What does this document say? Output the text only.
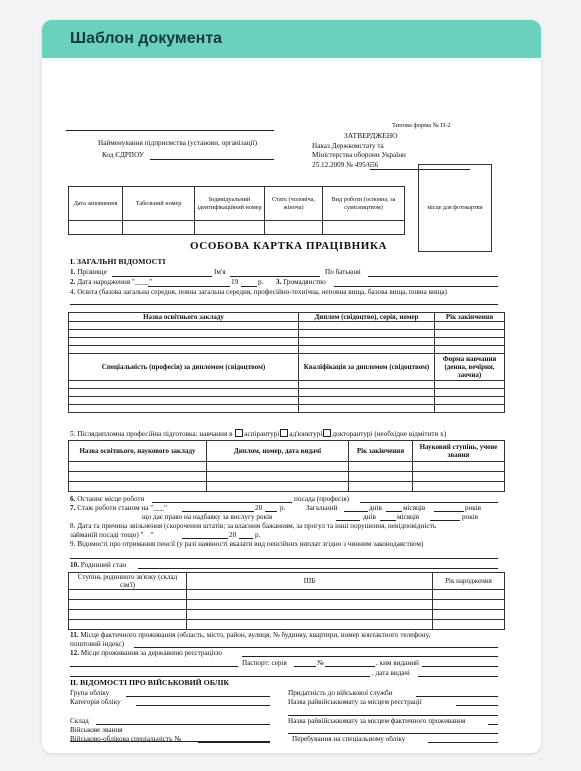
Шаблон документа
Типова форма № П-2
Найменування підприємства (установи, організації)
ЗАТВЕРДЖЕНО
Наказ Держкомстату та
Міністерства оборони України
25.12.2009 № 495/656
Код ЄДРПОУ
Дата заповнення	Табельний номер	Індивідуальний ідентифікаційний номер	Стать (чоловіча, жіноча)	Вид роботи (основна, за сумісництвом)
					місце для фотокартки
ОСОБОВА КАРТКА ПРАЦІВНИКА
І. ЗАГАЛЬНІ ВІДОМОСТІ
1. Прізвище	Ім'я	По батькові
2. Дата народження "____"	19	р. 3. Громадянство
4. Освіта (базова загальна середня, повна загальна середня, професійно-технічна, неповна вища, базова вища, повна вища)
Назва освітнього закладу	Диплом (свідоцтво), серія, номер	Рік закінчення

Спеціальність (професія) за дипломом (свідоцтвом)	Кваліфікація за дипломом (свідоцтвом)	Форма навчання (денна, вечірня, заочна)

5. Післядипломна професійна підготовка: навчання в аспірантурі ад'юнктурі докторантурі (необхідне відмітити х)
Назва освітнього, наукового закладу	Диплом, номер, дата видачі	Рік закінчення	Науковий ступінь, учене звання

6. Останнє місце роботи	посада (професія)
7. Стаж роботи станом на "___"	20 р.	Загальний	днів	місяців	років
що дає право на надбавку за вислугу років	днів	місяців	років
8. Дата та причина звільнення (скорочення штатів; за власним бажанням, за прогул та інші порушення, невідповідність
займаній посаді тощо) " "	20	р.
9. Відомості про отримання пенсії (у разі наявності вказати вид пенсійних виплат згідно з чинним законодавством)
10. Родинний стан
Ступінь родинного зв'язку (склад сім'ї)	ПІБ	Рік народження

11. Місце фактичного проживання (область, місто, район, вулиця, № будинку, квартири, номер контактного телефону,
поштовий індекс)
12. Місце проживання за державною реєстрацією
Паспорт: серія	№	, ким виданий
, дата видачі
ІІ. ВІДОМОСТІ ПРО ВІЙСЬКОВИЙ ОБЛІК
Група обліку	Придатність до військової служби
Категорія обліку	Назва райвійськкомату за місцем реєстрації
Склад	Назва райвійськкомату за місцем фактичного проживання
Військове звання
Військово-облікова спеціальність №	Перебування на спеціальному обліку
